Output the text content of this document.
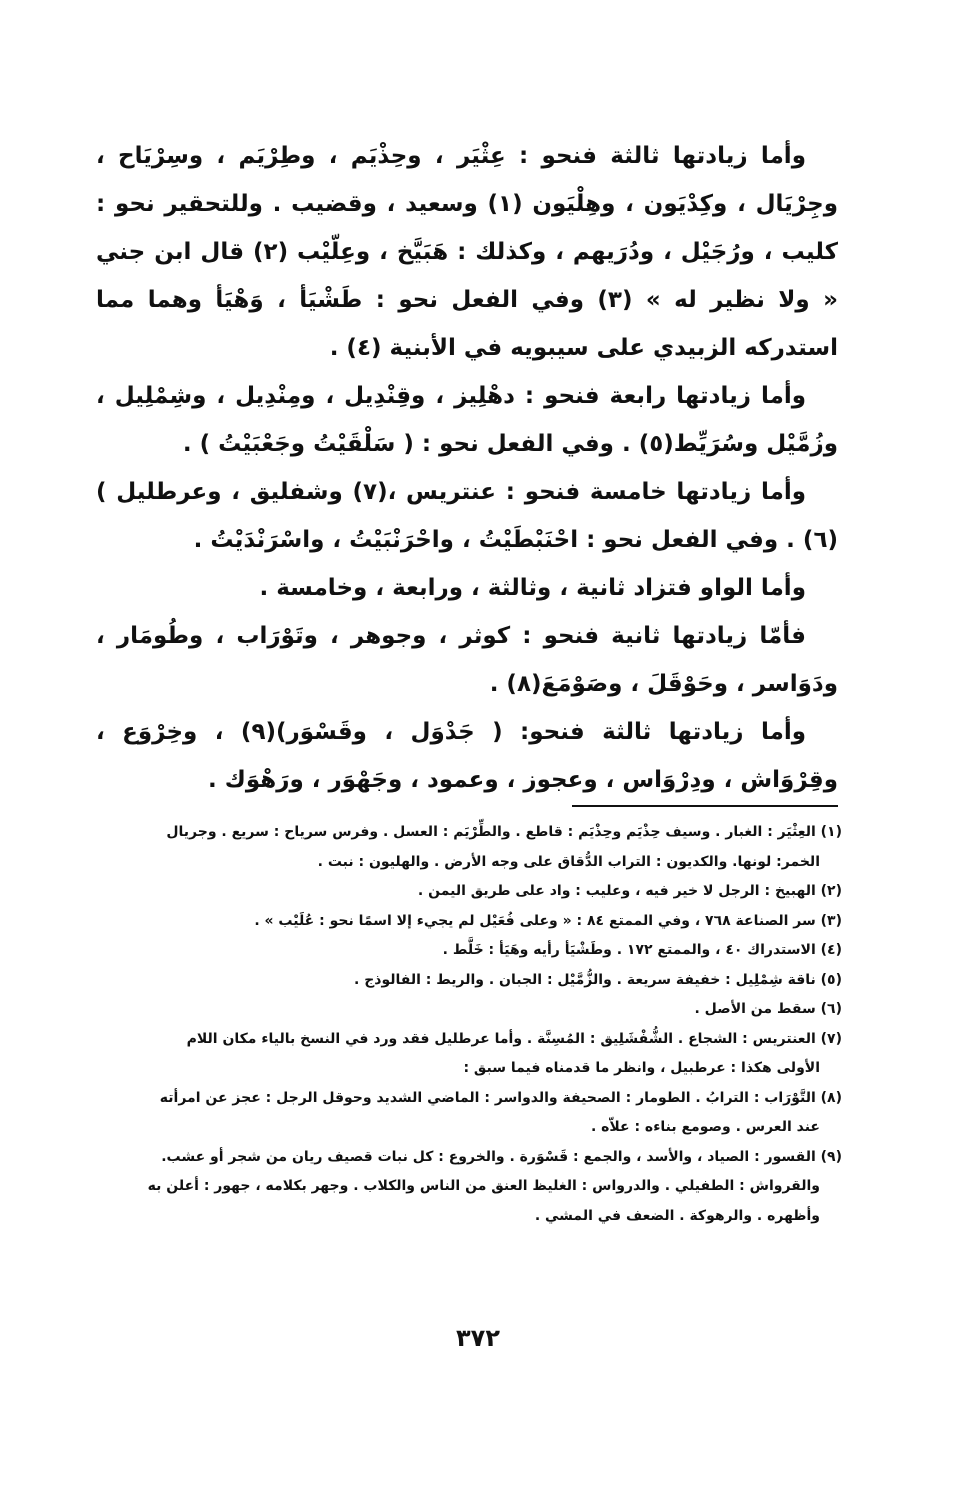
وأما زيادتها ثالثة فنحو : عِثْيَر ، وحِذْيَم ، وطِرْيَم ، وسِرْيَاح ، وجِرْيَال ، وكِدْيَون ، وهِلْيَون (١) وسعيد ، وقضيب . وللتحقير نحو : كليب ، ورُجَيْل ، ودُرَيهم ، وكذلك : هَبَيَّخ ، وعِلّيْب (٢) قال ابن جني « ولا نظير له » (٣) وفي الفعل نحو : طَشْيَأ ، وَهْيَأ وهما مما استدركه الزبيدي على سيبويه في الأبنية (٤) .

وأما زيادتها رابعة فنحو : دهْلِيز ، وقِنْدِيل ، ومِنْدِيل ، وشِمْلِيل ، وزُمَّيْل وسُرَيِّط(٥) . وفي الفعل نحو : ( سَلْقَيْتُ وجَعْبَيْتُ ) .

وأما زيادتها خامسة فنحو : عنتريس ،(٧) وشفليق ، وعرطليل )(٦) . وفي الفعل نحو : احْنَبْطَيْتُ ، واحْرَنْبَيْتُ ، واسْرَنْدَيْتُ .

وأما الواو فتزاد ثانية ، وثالثة ، ورابعة ، وخامسة .

فأمّا زيادتها ثانية فنحو : كوثر ، وجوهر ، وتَوْرَاب ، وطُومَار ، ودَوَاسر ، وحَوْقَلَ ، وصَوْمَعَ(٨) .

وأما زيادتها ثالثة فنحو: ( جَدْوَل ، وقَسْوَر)(٩) ، وخِرْوَع ، وقِرْوَاش ، ودِرْوَاس ، وعجوز ، وعمود ، وجَهْوَر ، ورَهْوَك .

(١) العِثْيَر : الغبار . وسيف حِذْيَم وحِذْيَم : قاطع . والطِّرْيَم : العسل . وفرس سرياح : سريع . وجريال
الخمر: لونها. والكديون : التراب الدُّقاق على وجه الأرض . والهليون : نبت .
(٢) الهبيخ : الرجل لا خير فيه ، وعليب : واد على طريق اليمن .
(٣) سر الصناعة ٧٦٨ ، وفي الممتع ٨٤ : « وعلى فُعَيْل لم يجيء إلا اسمًا نحو : عُلَيْب » .
(٤) الاستدراك ٤٠ ، والممتع ١٧٢ . وطَشْيَأ رأيه وهَيَأ : خَلَّط .
(٥) ناقة شِمْلِيل : خفيفة سريعة . والزُّمَّيْل : الجبان . والريط : الفالوذج .
(٦) سقط من الأصل .
(٧) العنتريس : الشجاع . الشُّفْشَلِيق : المُسِنَّة . وأما عرطليل فقد ورد في النسخ بالياء مكان اللام
الأولى هكذا : عرطبيل ، وانظر ما قدمناه فيما سبق :
(٨) التَّوْرَاب : الترابُ . الطومار : الصحيفة والدواسر : الماضي الشديد وحوقل الرجل : عجز عن امرأته
عند العرس . وصومع بناءه : علاّه .
(٩) القسور : الصياد ، والأسد ، والجمع : قَسْوَرة . والخروع : كل نبات قصيف ريان من شجر أو عشب.
والقرواش : الطفيلي . والدرواس : الغليظ العنق من الناس والكلاب . وجهر بكلامه ، جهور : أعلن به وأظهره . والرهوكة . الضعف في المشي .
٣٧٢
